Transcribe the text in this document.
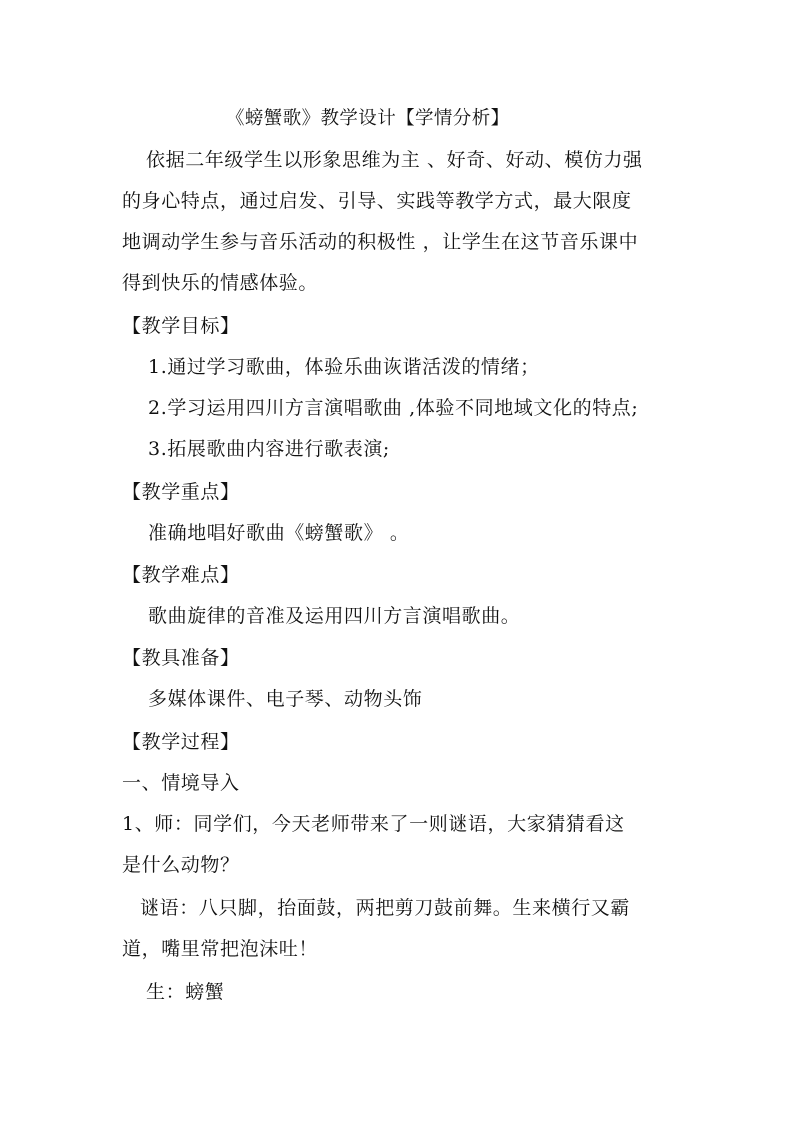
《螃蟹歌》教学设计【学情分析】
依据二年级学生以形象思维为主 、好奇、好动、模仿力强
的身心特点，通过启发、引导、实践等教学方式，最大限度
地调动学生参与音乐活动的积极性 ，让学生在这节音乐课中
得到快乐的情感体验。
【教学目标】
1.通过学习歌曲，体验乐曲诙谐活泼的情绪；
2.学习运用四川方言演唱歌曲 ,体验不同地域文化的特点;
3.拓展歌曲内容进行歌表演;
【教学重点】
准确地唱好歌曲《螃蟹歌》 。
【教学难点】
歌曲旋律的音准及运用四川方言演唱歌曲。
【教具准备】
多媒体课件、电子琴、动物头饰
【教学过程】
一、情境导入
1、师：同学们，今天老师带来了一则谜语，大家猜猜看这
是什么动物？
谜语：八只脚，抬面鼓，两把剪刀鼓前舞。生来横行又霸
道，嘴里常把泡沫吐！
生：螃蟹
